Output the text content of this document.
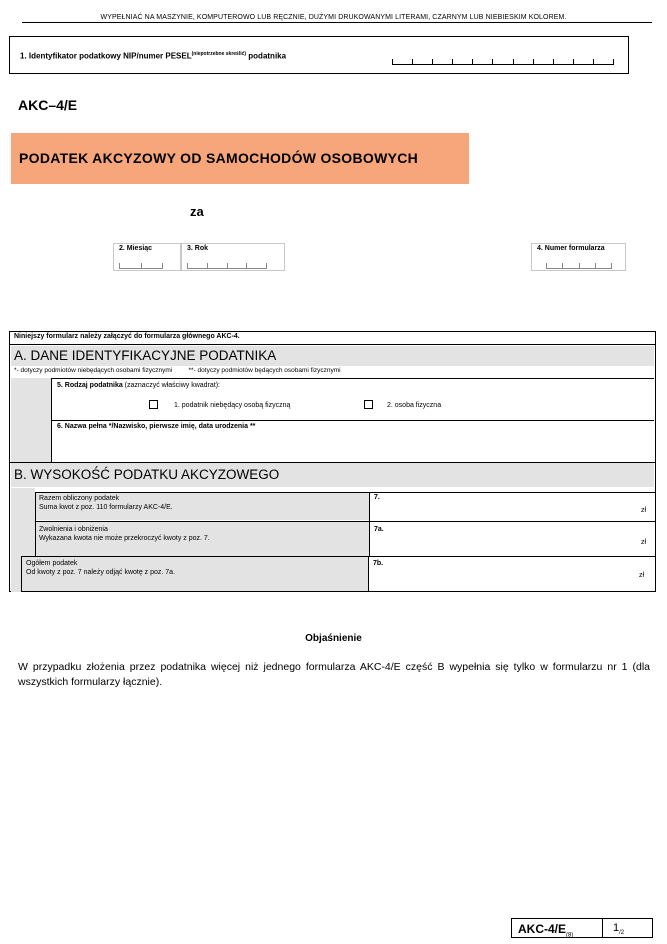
WYPEŁNIAĆ NA MASZYNIE, KOMPUTEROWO LUB RĘCZNIE, DUŻYMI DRUKOWANYMI LITERAMI, CZARNYM LUB NIEBIESKIM KOLOREM.
1. Identyfikator podatkowy NIP/numer $PESEL^{(niepotrzebne skreślić)}$ podatnika
AKC–4/E
PODATEK AKCYZOWY OD SAMOCHODÓW OSOBOWYCH
za
2. Miesiąc	3. Rok	4. Numer formularza
Niniejszy formularz należy załączyć do formularza głównego AKC-4.
A. DANE IDENTYFIKACYJNE PODATNIKA
*- dotyczy podmiotów niebędących osobami fizycznymi	**- dotyczy podmiotów będących osobami fizycznymi
5. Rodzaj podatnika (zaznaczyć właściwy kwadrat):
1. podatnik niebędący osobą fizyczną	2. osoba fizyczna
6. Nazwa pełna */Nazwisko, pierwsze imię, data urodzenia **
B. WYSOKOŚĆ PODATKU AKCYZOWEGO
Razem obliczony podatek
Suma kwot z poz. 110 formularzy AKC-4/E.
7.
zł
Zwolnienia i obniżenia
Wykazana kwota nie może przekroczyć kwoty z poz. 7.
7a.
zł
Ogółem podatek
Od kwoty z poz. 7 należy odjąć kwotę z poz. 7a.
7b.
zł
Objaśnienie
W przypadku złożenia przez podatnika więcej niż jednego formularza AKC-4/E część B wypełnia się tylko w formularzu nr 1 (dla wszystkich formularzy łącznie).
AKC-$4/E_{(8)}$
$1_{/2}$
